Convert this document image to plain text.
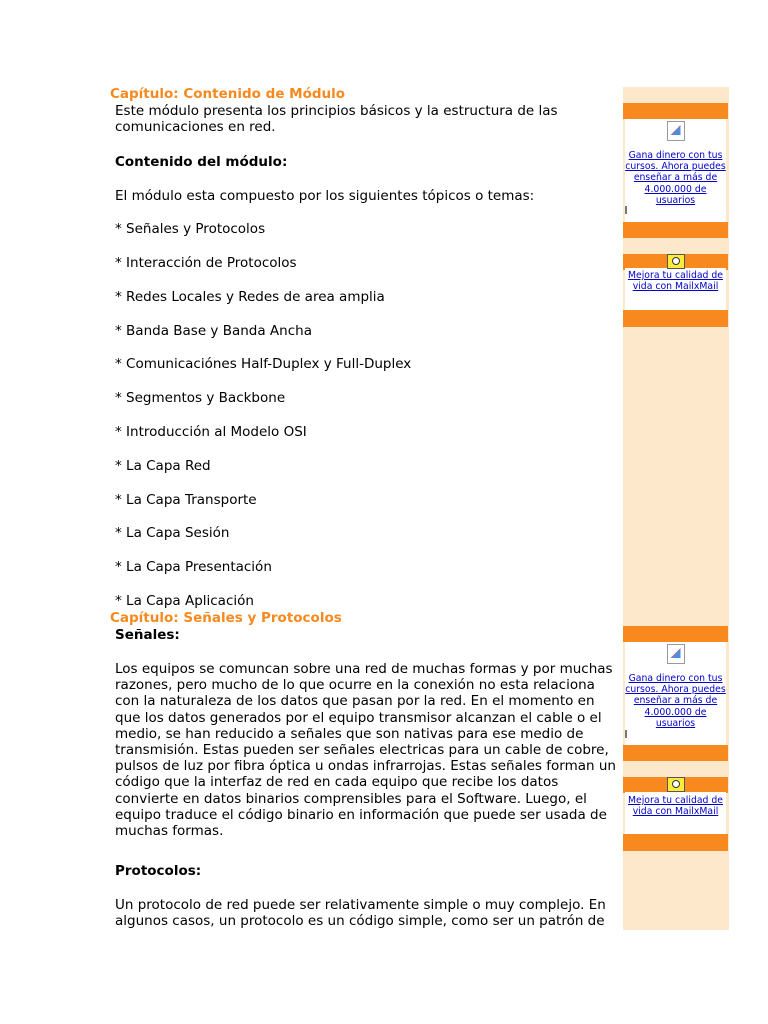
Capítulo: Contenido de Módulo

Este módulo presenta los principios básicos y la estructura de las comunicaciones en red.

Contenido del módulo:
El módulo esta compuesto por los siguientes tópicos o temas:
* Señales y Protocolos
* Interacción de Protocolos
* Redes Locales y Redes de area amplia
* Banda Base y Banda Ancha
* Comunicaciónes Half-Duplex y Full-Duplex
* Segmentos y Backbone
* Introducción al Modelo OSI
* La Capa Red
* La Capa Transporte
* La Capa Sesión
* La Capa Presentación
* La Capa Aplicación
Capítulo: Señales y Protocolos
Señales:

Los equipos se comuncan sobre una red de muchas formas y por muchas razones, pero mucho de lo que ocurre en la conexión no esta relaciona con la naturaleza de los datos que pasan por la red. En el momento en que los datos generados por el equipo transmisor alcanzan el cable o el medio, se han reducido a señales que son nativas para ese medio de transmisión. Estas pueden ser señales electricas para un cable de cobre, pulsos de luz por fibra óptica u ondas infrarrojas. Estas señales forman un código que la interfaz de red en cada equipo que recibe los datos convierte en datos binarios comprensibles para el Software. Luego, el equipo traduce el código binario en información que puede ser usada de muchas formas.

Protocolos:

Un protocolo de red puede ser relativamente simple o muy complejo. En algunos casos, un protocolo es un código simple, como ser un patrón de

Gana dinero con tus cursos. Ahora puedes enseñar a más de 4.000.000 de usuarios
Mejora tu calidad de vida con MailxMail
Gana dinero con tus cursos. Ahora puedes enseñar a más de 4.000.000 de usuarios
Mejora tu calidad de vida con MailxMail
